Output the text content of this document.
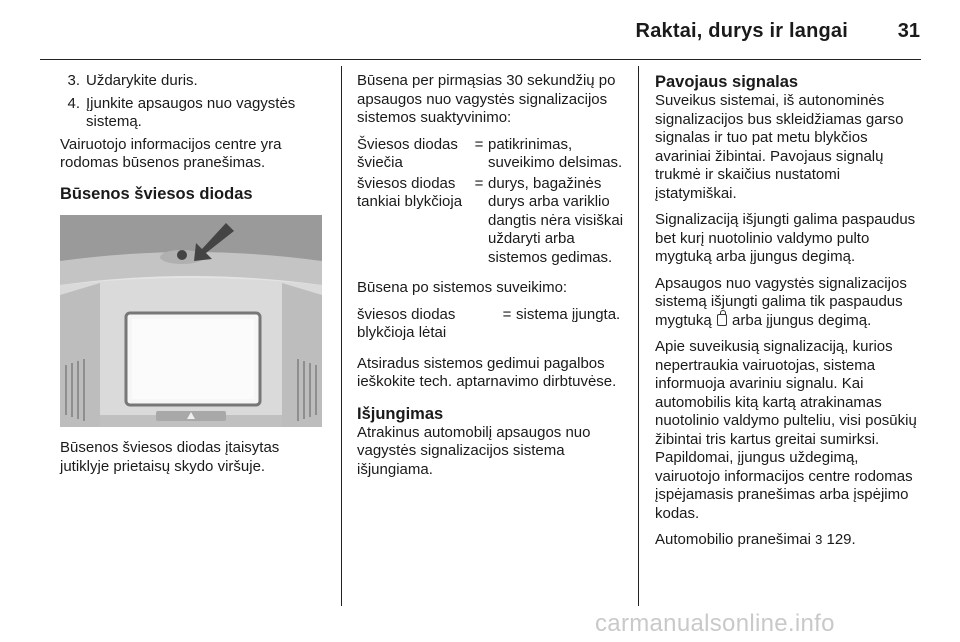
Raktai, durys ir langai 31
3. Uždarykite duris.
4. Įjunkite apsaugos nuo vagystės sistemą.

Vairuotojo informacijos centre yra rodomas būsenos pranešimas.

Būsenos šviesos diodas

Būsenos šviesos diodas įtaisytas jutiklyje prietaisų skydo viršuje.

Būsena per pirmąsias 30 sekundžių po apsaugos nuo vagystės signalizacijos sistemos suaktyvinimo:

Šviesos diodas šviečia
= patikrinimas, suveikimo delsimas.
šviesos diodas tankiai blykčioja
= durys, bagažinės durys arba variklio dangtis nėra visiškai uždaryti arba sistemos gedimas.

Būsena po sistemos suveikimo:

šviesos diodas blykčioja lėtai
= sistema įjungta.

Atsiradus sistemos gedimui pagalbos ieškokite tech. aptarnavimo dirbtuvėse.

Išjungimas

Atrakinus automobilį apsaugos nuo vagystės signalizacijos sistema išjungiama.

Pavojaus signalas

Suveikus sistemai, iš autonominės signalizacijos bus skleidžiamas garso signalas ir tuo pat metu blykčios avariniai žibintai. Pavojaus signalų trukmė ir skaičius nustatomi įstatymiškai.

Signalizaciją išjungti galima paspaudus bet kurį nuotolinio valdymo pulto mygtuką arba įjungus degimą.

Apsaugos nuo vagystės signalizacijos sistemą išjungti galima tik paspaudus mygtuką arba įjungus degimą.

Apie suveikusią signalizaciją, kurios nepertraukia vairuotojas, sistema informuoja avariniu signalu. Kai automobilis kitą kartą atrakinamas nuotolinio valdymo pulteliu, visi posūkių žibintai tris kartus greitai sumirksi. Papildomai, įjungus uždegimą, vairuotojo informacijos centre rodomas įspėjamasis pranešimas arba įspėjimo kodas.

Automobilio pranešimai 3 129.

carmanualsonline.info
